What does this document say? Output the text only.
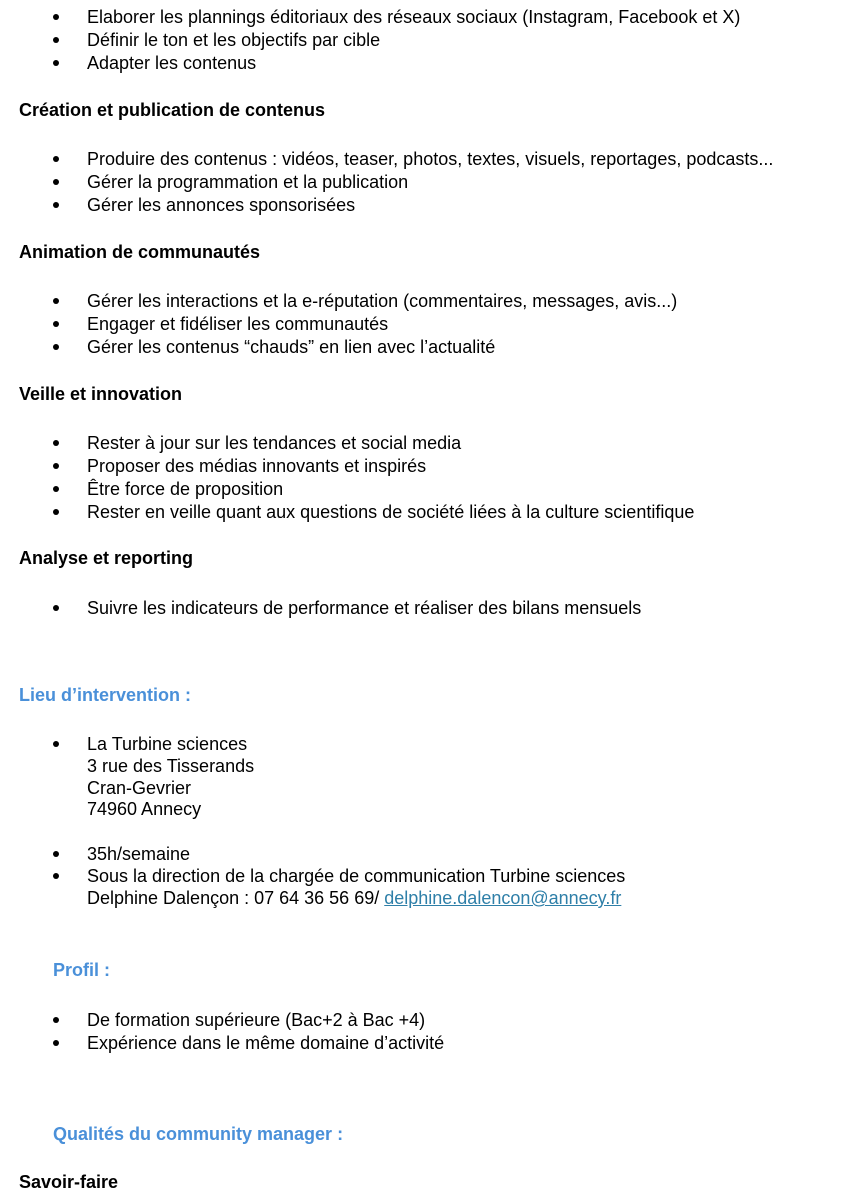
Elaborer les plannings éditoriaux des réseaux sociaux (Instagram, Facebook et X)
Définir le ton et les objectifs par cible
Adapter les contenus
Création et publication de contenus
Produire des contenus : vidéos, teaser, photos, textes, visuels, reportages, podcasts...
Gérer la programmation et la publication
Gérer les annonces sponsorisées
Animation de communautés
Gérer les interactions et la e-réputation (commentaires, messages, avis...)
Engager et fidéliser les communautés
Gérer les contenus “chauds” en lien avec l’actualité
Veille et innovation
Rester à jour sur les tendances et social media
Proposer des médias innovants et inspirés
Être force de proposition
Rester en veille quant aux questions de société liées à la culture scientifique
Analyse et reporting
Suivre les indicateurs de performance et réaliser des bilans mensuels
Lieu d’intervention :
La Turbine sciences
3 rue des Tisserands
Cran-Gevrier
74960 Annecy
35h/semaine
Sous la direction de la chargée de communication Turbine sciences
Delphine Dalençon : 07 64 36 56 69/ delphine.dalencon@annecy.fr
Profil :
De formation supérieure (Bac+2 à Bac +4)
Expérience dans le même domaine d’activité
Qualités du community manager :
Savoir-faire
